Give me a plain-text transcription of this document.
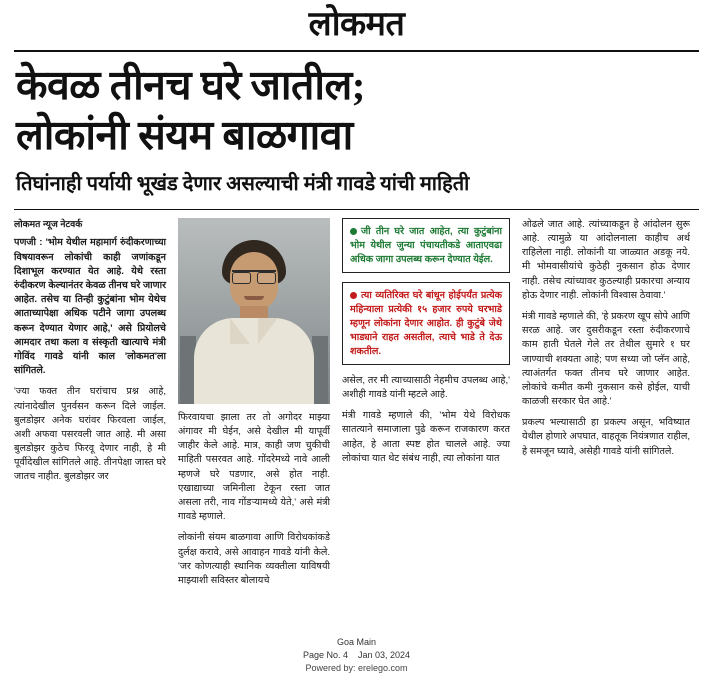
लोकमत
केवळ तीनच घरे जातील;
लोकांनी संयम बाळगावा
तिघांनाही पर्यायी भूखंड देणार असल्याची मंत्री गावडे यांची माहिती
लोकमत न्यूज नेटवर्क

पणजी : 'भोम येथील महामार्ग रुंदीकरणाच्या विषयावरून लोकांची काही जणांकडून दिशाभूल करण्यात येत आहे. येथे रस्ता रुंदीकरण केल्यानंतर केवळ तीनच घरे जाणार आहेत. तसेच या तिन्ही कुटुंबांना भोम येथेच आताच्यापेक्षा अधिक पटीने जागा उपलब्ध करून देण्यात येणार आहे,' असे प्रियोलचे आमदार तथा कला व संस्कृती खात्याचे मंत्री गोविंद गावडे यांनी काल 'लोकमत'ला सांगितले.

'ज्या फक्त तीन घरांचाच प्रश्न आहे, त्यांनादेखील पुनर्वसन करून दिले जाईल. बुलडोझर अनेक घरांवर फिरवला जाईल, अशी अफवा पसरवली जात आहे. मी असा बुलडोझर कुठेच फिरवू देणार नाही, हे मी पूर्वीदेखील सांगितले आहे. तीनपेक्षा जास्त घरे जातच नाहीत. बुलडोझर जर

फिरवायचा झाला तर तो अगोदर माझ्या अंगावर मी घेईन, असे देखील मी यापूर्वी जाहीर केले आहे. मात्र, काही जण चुकीची माहिती पसरवत आहे. गोंदरेमध्ये नावे आली म्हणजे घरे पडणार, असे होत नाही. एखाद्याच्या जमिनीला टेकून रस्ता जात असला तरी, नाव गोंडऱ्यामध्ये येते,' असे मंत्री गावडे म्हणाले.

लोकांनी संयम बाळगावा आणि विरोधकांकडे दुर्लक्ष करावे, असे आवाहन गावडे यांनी केले. 'जर कोणत्याही स्थानिक व्यक्तीला याविषयी माझ्याशी सविस्तर बोलायचे

जी तीन घरे जात आहेत, त्या कुटुंबांना भोम येथील जुन्या पंचायतीकडे आताएवढा अधिक जागा उपलब्ध करून देण्यात येईल.
त्या व्यतिरिक्त घरे बांधून होईपर्यंत प्रत्येक महिन्याला प्रत्येकी १५ हजार रुपये घरभाडे म्हणून लोकांना देणार आहोत. ही कुटुंबे जेथे भाड्याने राहत असतील, त्याचे भाडे ते देऊ शकतील.

असेल, तर मी त्याच्यासाठी नेहमीच उपलब्ध आहे,' अशीही गावडे यांनी म्हटले आहे.

मंत्री गावडे म्हणाले की, 'भोम येथे विरोधक सातत्याने समाजाला पुढे करून राजकारण करत आहेत, हे आता स्पष्ट होत चालले आहे. ज्या लोकांचा यात थेट संबंध नाही, त्या लोकांना यात

ओढले जात आहे. त्यांच्याकडून हे आंदोलन सुरू आहे. त्यामुळे या आंदोलनाला काहीच अर्थ राहिलेला नाही. लोकांनी या जाळ्यात अडकू नये. मी भोमवासीयांचे कुठेही नुकसान होऊ देणार नाही. तसेच त्यांच्यावर कुठल्याही प्रकारचा अन्याय होऊ देणार नाही. लोकांनी विश्वास ठेवावा.'

मंत्री गावडे म्हणाले की, 'हे प्रकरण खूप सोपे आणि सरळ आहे. जर दुसरीकडून रस्ता रुंदीकरणाचे काम हाती घेतले गेले तर तेथील सुमारे १ घर जाण्याची शक्यता आहे; पण सध्या जो प्लॅन आहे, त्याअंतर्गत फक्त तीनच घरे जाणार आहेत. लोकांचे कमीत कमी नुकसान कसे होईल, याची काळजी सरकार घेत आहे.'

प्रकल्प भल्यासाठी हा प्रकल्प असून, भविष्यात येथील होणारे अपघात, वाहतूक नियंत्रणात राहील, हे समजून घ्यावे, असेही गावडे यांनी सांगितले.

Goa Main
Page No. 4 Jan 03, 2024
Powered by: erelego.com
